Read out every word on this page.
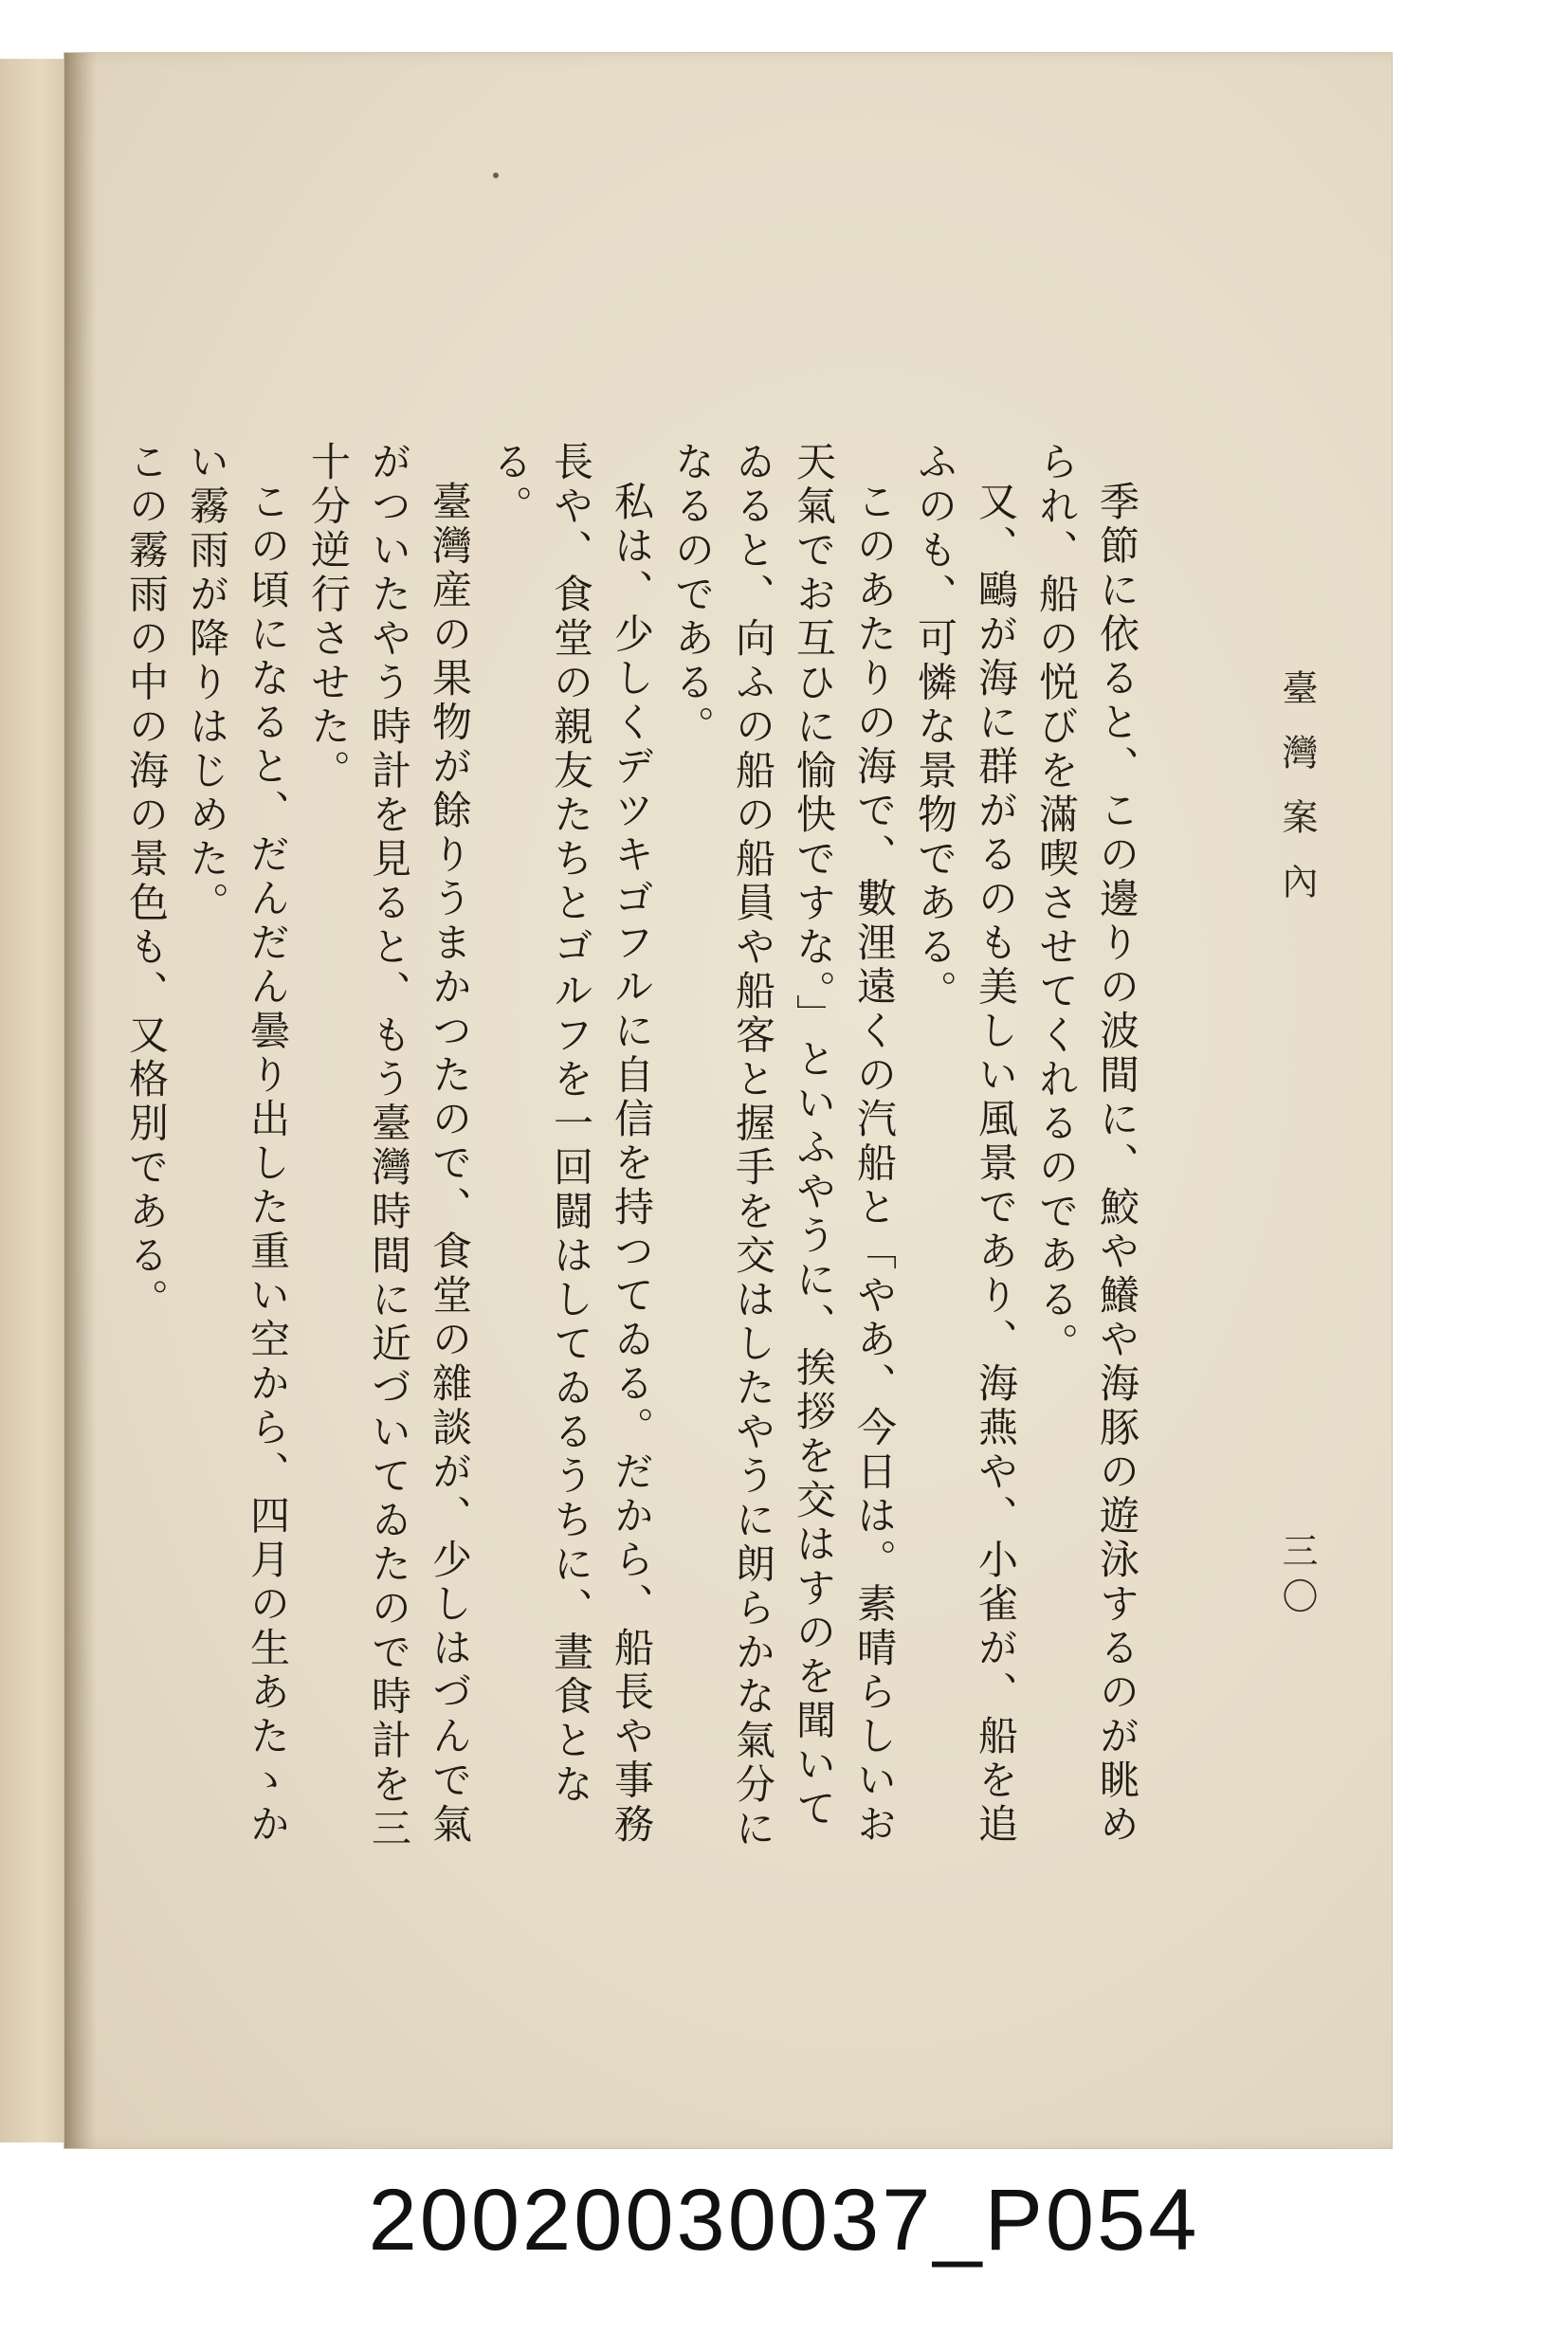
臺灣案內
三〇

季節に依ると、この邊りの波間に、鮫や鱶や海豚の遊泳するのが眺められ、船の悦びを滿喫させてくれるのである。

又、鷗が海に群がるのも美しい風景であり、海燕や、小雀が、船を追ふのも、可憐な景物である。

このあたりの海で、數浬遠くの汽船と「やあ、今日は。素晴らしいお天氣でお互ひに愉快ですな。」といふやうに、挨拶を交はすのを聞いてゐると、向ふの船の船員や船客と握手を交はしたやうに朗らかな氣分になるのである。

私は、少しくデツキゴフルに自信を持つてゐる。だから、船長や事務長や、食堂の親友たちとゴルフを一回闘はしてゐるうちに、晝食となる。

臺灣産の果物が餘りうまかつたので、食堂の雜談が、少しはづんで氣がついたやう時計を見ると、もう臺灣時間に近づいてゐたので時計を三十分逆行させた。

この頃になると、だんだん曇り出した重い空から、四月の生あたゝかい霧雨が降りはじめた。

この霧雨の中の海の景色も、又格別である。

20020030037_P054
